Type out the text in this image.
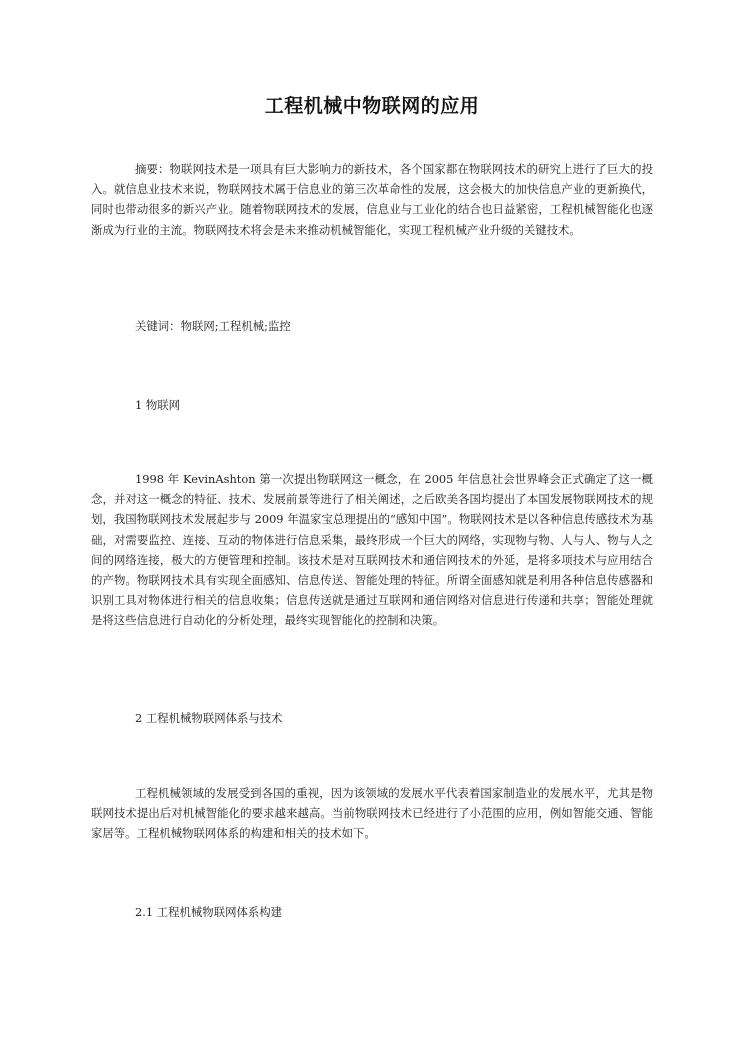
工程机械中物联网的应用

摘要：物联网技术是一项具有巨大影响力的新技术，各个国家都在物联网技术的研究上进行了巨大的投入。就信息业技术来说，物联网技术属于信息业的第三次革命性的发展，这会极大的加快信息产业的更新换代，同时也带动很多的新兴产业。随着物联网技术的发展，信息业与工业化的结合也日益紧密，工程机械智能化也逐渐成为行业的主流。物联网技术将会是未来推动机械智能化，实现工程机械产业升级的关键技术。

关键词：物联网;工程机械;监控

1 物联网

1998 年 KevinAshton 第一次提出物联网这一概念，在 2005 年信息社会世界峰会正式确定了这一概念，并对这一概念的特征、技术、发展前景等进行了相关阐述，之后欧美各国均提出了本国发展物联网技术的规划，我国物联网技术发展起步与 2009 年温家宝总理提出的“感知中国”。物联网技术是以各种信息传感技术为基础，对需要监控、连接、互动的物体进行信息采集，最终形成一个巨大的网络，实现物与物、人与人、物与人之间的网络连接，极大的方便管理和控制。该技术是对互联网技术和通信网技术的外延，是将多项技术与应用结合的产物。物联网技术具有实现全面感知、信息传送、智能处理的特征。所谓全面感知就是利用各种信息传感器和识别工具对物体进行相关的信息收集；信息传送就是通过互联网和通信网络对信息进行传递和共享；智能处理就是将这些信息进行自动化的分析处理，最终实现智能化的控制和决策。

2 工程机械物联网体系与技术

工程机械领域的发展受到各国的重视，因为该领域的发展水平代表着国家制造业的发展水平，尤其是物联网技术提出后对机械智能化的要求越来越高。当前物联网技术已经进行了小范围的应用，例如智能交通、智能家居等。工程机械物联网体系的构建和相关的技术如下。

2.1 工程机械物联网体系构建
